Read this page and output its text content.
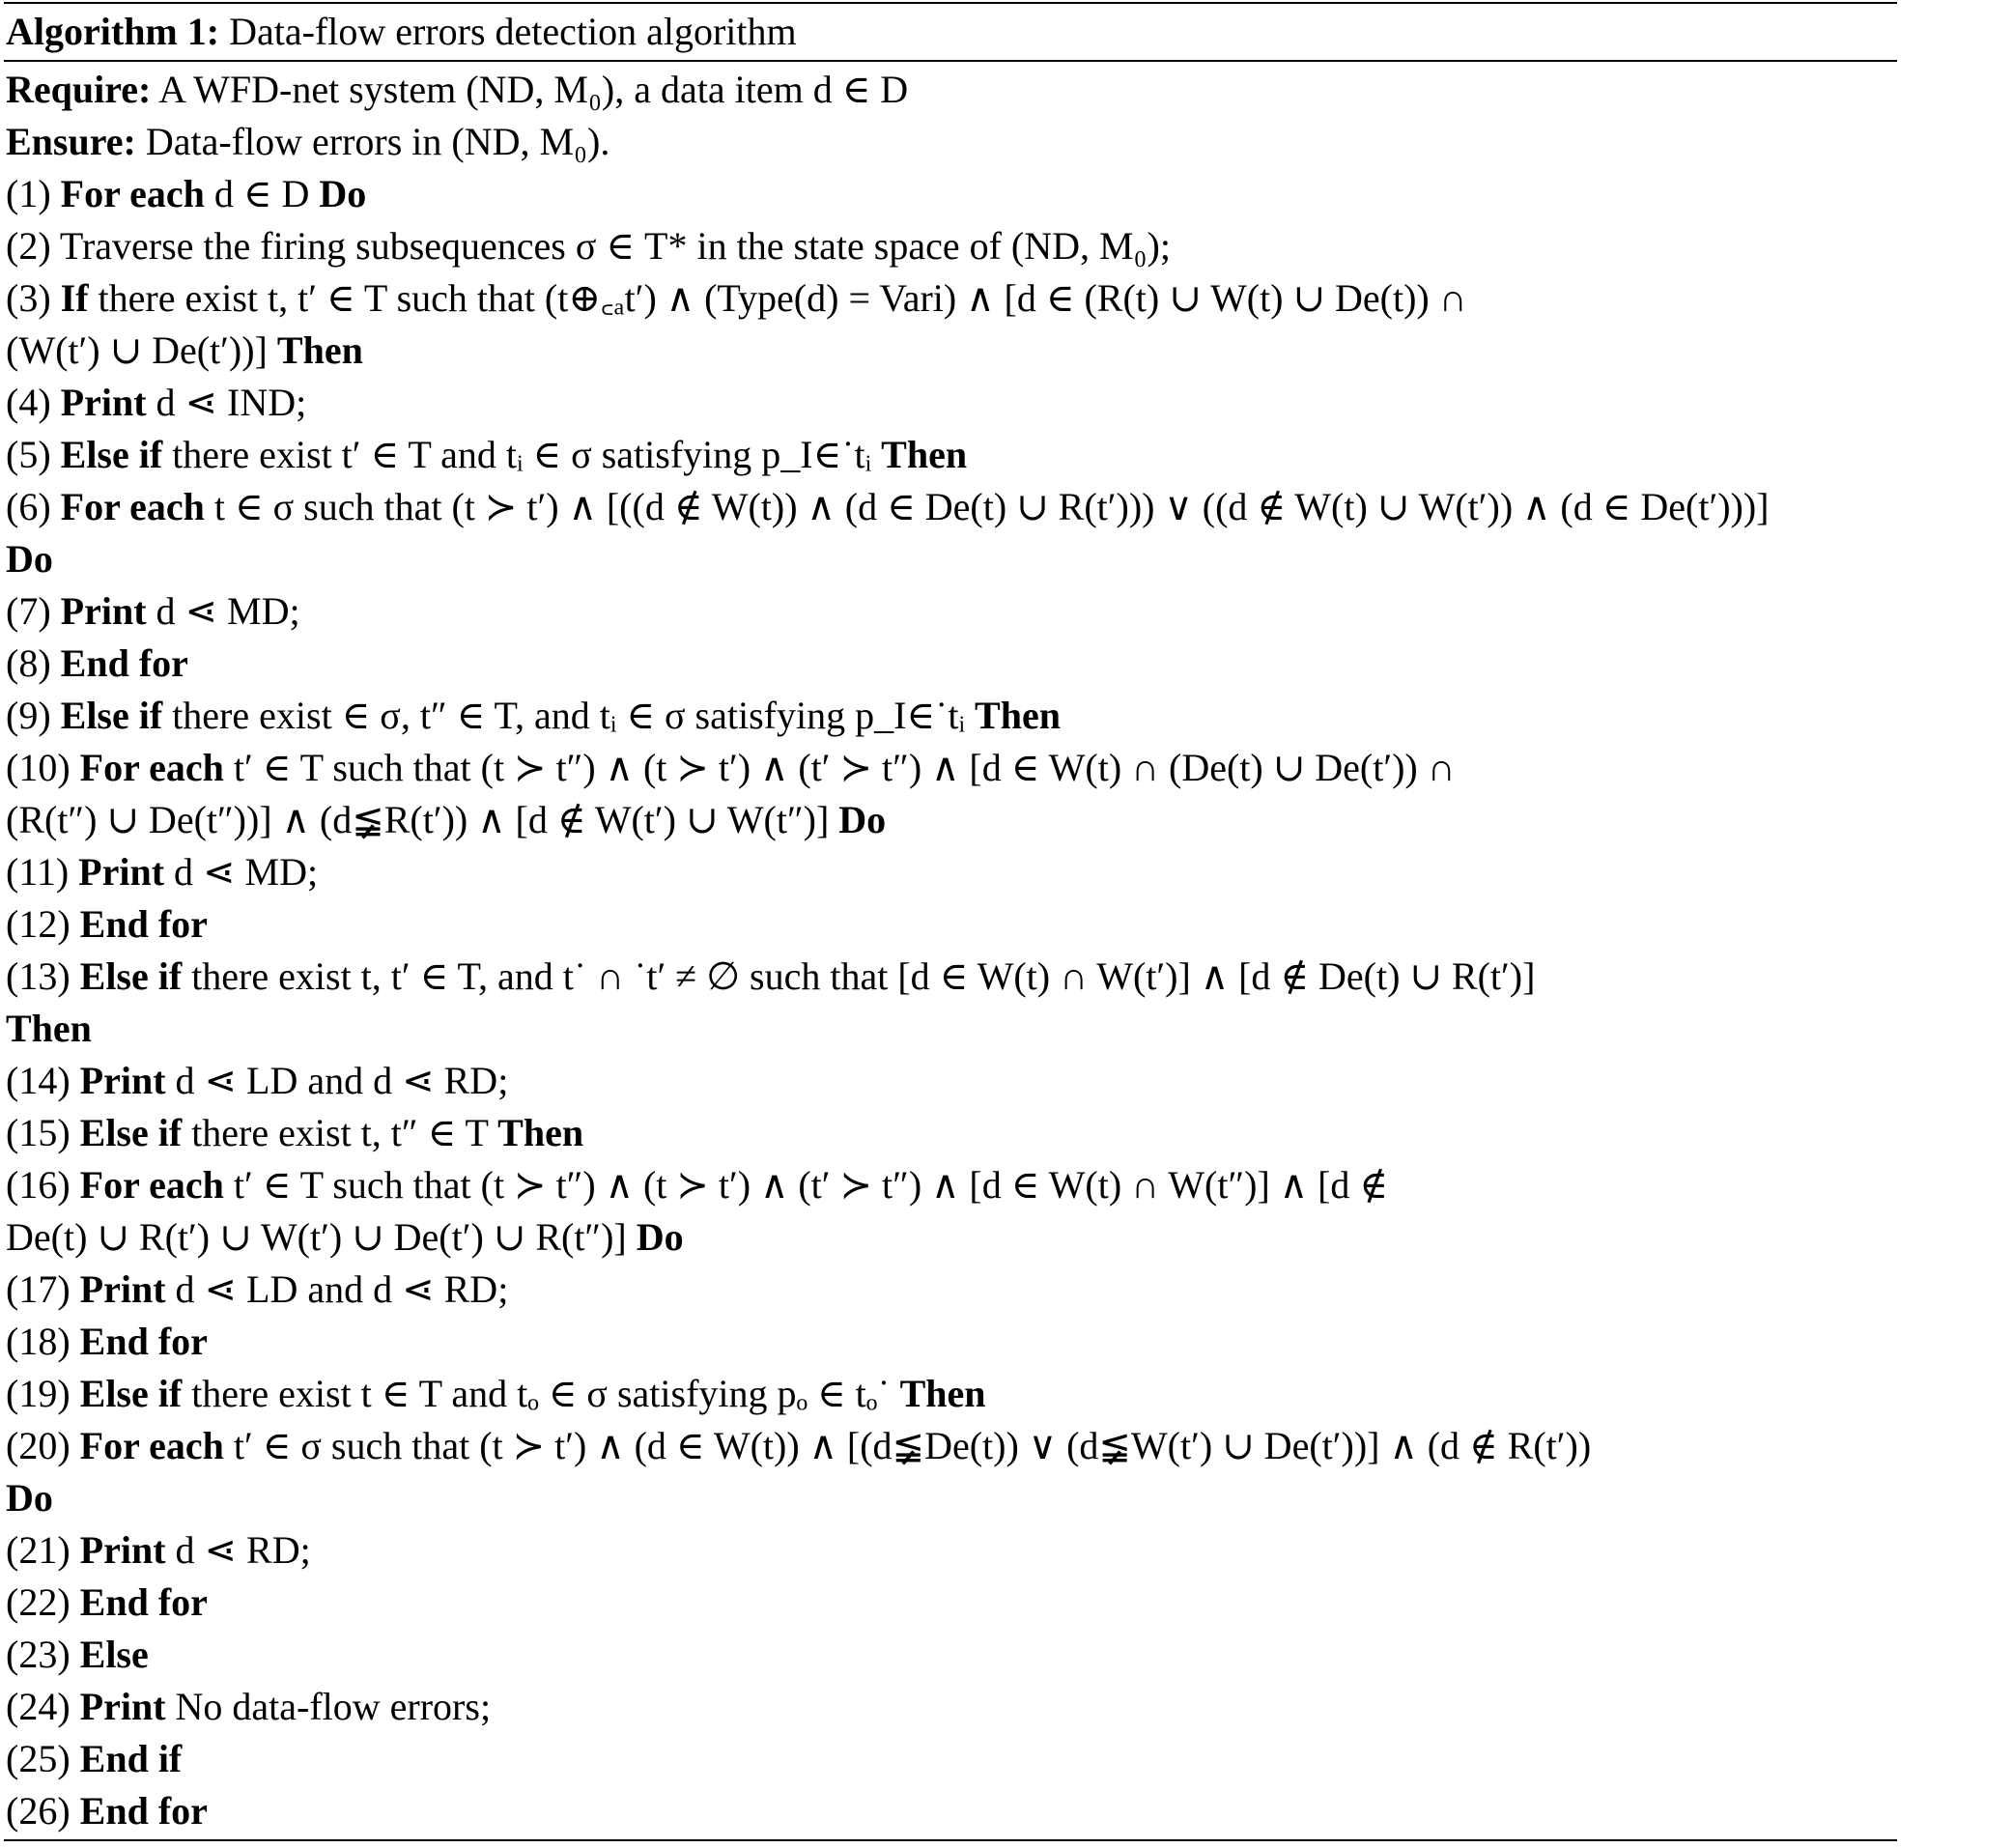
Algorithm 1: Data-flow errors detection algorithm
Require: A WFD-net system (ND, M₀), a data item d ∈ D
Ensure: Data-flow errors in (ND, M₀).
(1) For each d ∈ D Do
(2) Traverse the firing subsequences σ ∈ T* in the state space of (ND, M₀);
(3) If there exist t, t′ ∈ T such that (t⊕꜀ₐt′) ∧ (Type(d) = Vari) ∧ [d ∈ (R(t) ∪ W(t) ∪ De(t)) ∩
(W(t′) ∪ De(t′))] Then
(4) Print d ⋖ IND;
(5) Else if there exist t′ ∈ T and tᵢ ∈ σ satisfying p_I∈˙tᵢ Then
(6) For each t ∈ σ such that (t ≻ t′) ∧ [((d ∉ W(t)) ∧ (d ∈ De(t) ∪ R(t′))) ∨ ((d ∉ W(t) ∪ W(t′)) ∧ (d ∈ De(t′)))]
Do
(7) Print d ⋖ MD;
(8) End for
(9) Else if there exist ∈ σ, t″ ∈ T, and tᵢ ∈ σ satisfying p_I∈˙tᵢ Then
(10) For each t′ ∈ T such that (t ≻ t″) ∧ (t ≻ t′) ∧ (t′ ≻ t″) ∧ [d ∈ W(t) ∩ (De(t) ∪ De(t′)) ∩
(R(t″) ∪ De(t″))] ∧ (d≨R(t′)) ∧ [d ∉ W(t′) ∪ W(t″)] Do
(11) Print d ⋖ MD;
(12) End for
(13) Else if there exist t, t′ ∈ T, and t˙ ∩ ˙t′ ≠ ∅ such that [d ∈ W(t) ∩ W(t′)] ∧ [d ∉ De(t) ∪ R(t′)]
Then
(14) Print d ⋖ LD and d ⋖ RD;
(15) Else if there exist t, t″ ∈ T Then
(16) For each t′ ∈ T such that (t ≻ t″) ∧ (t ≻ t′) ∧ (t′ ≻ t″) ∧ [d ∈ W(t) ∩ W(t″)] ∧ [d ∉
De(t) ∪ R(t′) ∪ W(t′) ∪ De(t′) ∪ R(t″)] Do
(17) Print d ⋖ LD and d ⋖ RD;
(18) End for
(19) Else if there exist t ∈ T and tₒ ∈ σ satisfying pₒ ∈ tₒ˙ Then
(20) For each t′ ∈ σ such that (t ≻ t′) ∧ (d ∈ W(t)) ∧ [(d≨De(t)) ∨ (d≨W(t′) ∪ De(t′))] ∧ (d ∉ R(t′))
Do
(21) Print d ⋖ RD;
(22) End for
(23) Else
(24) Print No data-flow errors;
(25) End if
(26) End for
